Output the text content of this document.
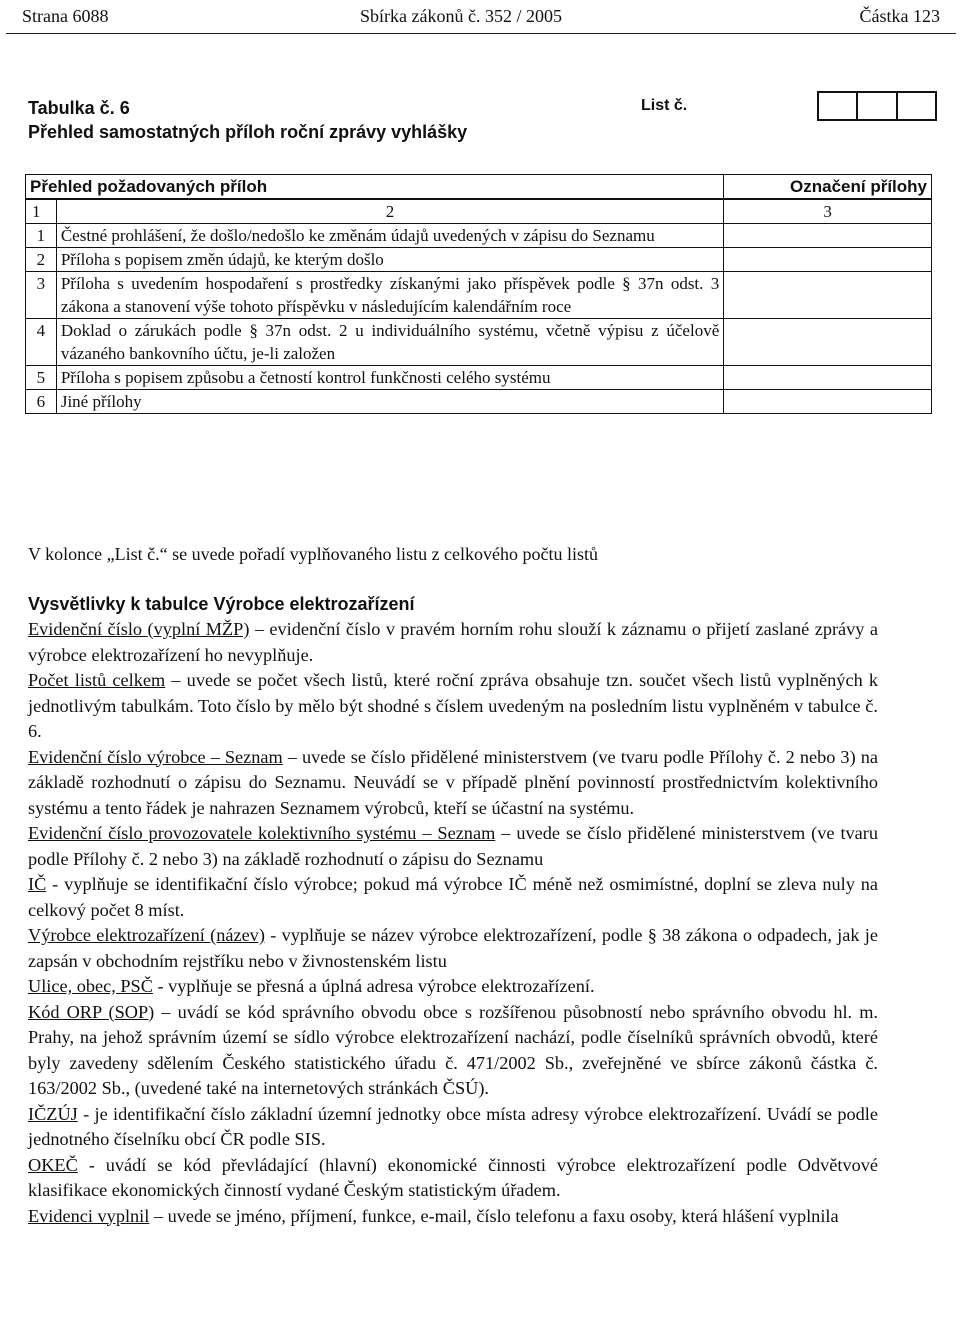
Strana 6088	Sbírka zákonů č. 352 / 2005	Částka 123
Tabulka č. 6
Přehled samostatných příloh roční zprávy vyhlášky
List č.
Přehled požadovaných příloh		Označení přílohy
1	2	3
1	Čestné prohlášení, že došlo/nedošlo ke změnám údajů uvedených v zápisu do Seznamu	
2	Příloha s popisem změn údajů, ke kterým došlo	
3	Příloha s uvedením hospodaření s prostředky získanými jako příspěvek podle § 37n odst. 3 zákona a stanovení výše tohoto příspěvku v následujícím kalendářním roce	
4	Doklad o zárukách podle § 37n odst. 2 u individuálního systému, včetně výpisu z účelově vázaného bankovního účtu, je-li založen	
5	Příloha s popisem způsobu a četností kontrol funkčnosti celého systému	
6	Jiné přílohy	
V kolonce „List č.“ se uvede pořadí vyplňovaného listu z celkového počtu listů
Vysvětlivky k tabulce Výrobce elektrozařízení

Evidenční číslo (vyplní MŽP) – evidenční číslo v pravém horním rohu slouží k záznamu o přijetí zaslané zprávy a výrobce elektrozařízení ho nevyplňuje.

Počet listů celkem – uvede se počet všech listů, které roční zpráva obsahuje tzn. součet všech listů vyplněných k jednotlivým tabulkám. Toto číslo by mělo být shodné s číslem uvedeným na posledním listu vyplněném v tabulce č. 6.

Evidenční číslo výrobce – Seznam – uvede se číslo přidělené ministerstvem (ve tvaru podle Přílohy č. 2 nebo 3) na základě rozhodnutí o zápisu do Seznamu. Neuvádí se v případě plnění povinností prostřednictvím kolektivního systému a tento řádek je nahrazen Seznamem výrobců, kteří se účastní na systému.

Evidenční číslo provozovatele kolektivního systému – Seznam – uvede se číslo přidělené ministerstvem (ve tvaru podle Přílohy č. 2 nebo 3) na základě rozhodnutí o zápisu do Seznamu

IČ - vyplňuje se identifikační číslo výrobce; pokud má výrobce IČ méně než osmimístné, doplní se zleva nuly na celkový počet 8 míst.

Výrobce elektrozařízení (název) - vyplňuje se název výrobce elektrozařízení, podle § 38 zákona o odpadech, jak je zapsán v obchodním rejstříku nebo v živnostenském listu

Ulice, obec, PSČ - vyplňuje se přesná a úplná adresa výrobce elektrozařízení.

Kód ORP (SOP) – uvádí se kód správního obvodu obce s rozšířenou působností nebo správního obvodu hl. m. Prahy, na jehož správním území se sídlo výrobce elektrozařízení nachází, podle číselníků správních obvodů, které byly zavedeny sdělením Českého statistického úřadu č. 471/2002 Sb., zveřejněné ve sbírce zákonů částka č. 163/2002 Sb., (uvedené také na internetových stránkách ČSÚ).

IČZÚJ - je identifikační číslo základní územní jednotky obce místa adresy výrobce elektrozařízení. Uvádí se podle jednotného číselníku obcí ČR podle SIS.

OKEČ - uvádí se kód převládající (hlavní) ekonomické činnosti výrobce elektrozařízení podle Odvětvové klasifikace ekonomických činností vydané Českým statistickým úřadem.

Evidenci vyplnil – uvede se jméno, příjmení, funkce, e-mail, číslo telefonu a faxu osoby, která hlášení vyplnila
